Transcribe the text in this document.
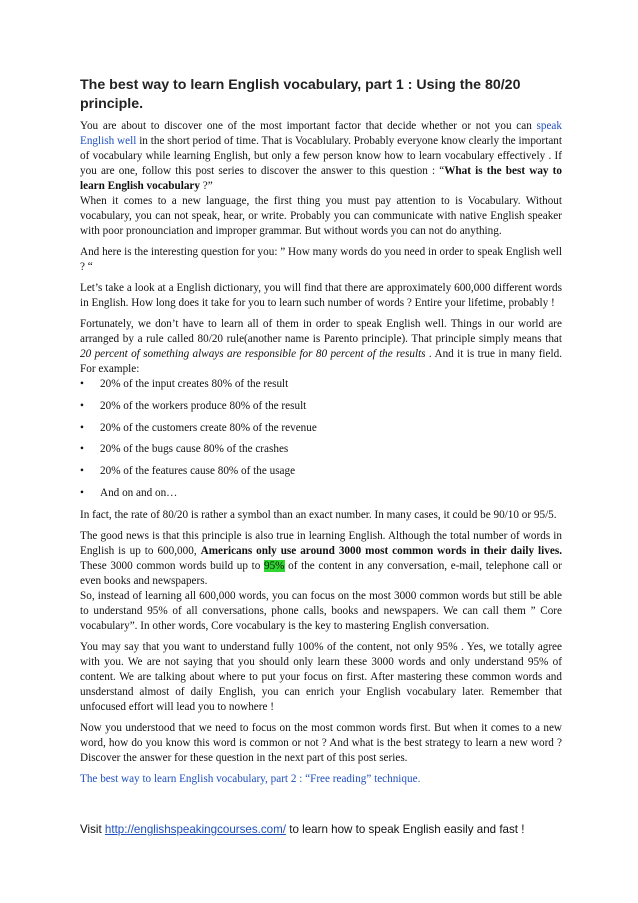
The best way to learn English vocabulary, part 1 : Using the 80/20 principle.

You are about to discover one of the most important factor that decide whether or not you can speak English well in the short period of time. That is Vocablulary. Probably everyone know clearly the important of vocabulary while learning English, but only a few person know how to learn vocabulary effectively . If you are one, follow this post series to discover the answer to this question : “What is the best way to learn English vocabulary ?”

When it comes to a new language, the first thing you must pay attention to is Vocabulary. Without vocabulary, you can not speak, hear, or write. Probably you can communicate with native English speaker with poor pronounciation and improper grammar. But without words you can not do anything.

And here is the interesting question for you: ” How many words do you need in order to speak English well ? “

Let’s take a look at a English dictionary, you will find that there are approximately 600,000 different words in English. How long does it take for you to learn such number of words ? Entire your lifetime, probably !

Fortunately, we don’t have to learn all of them in order to speak English well. Things in our world are arranged by a rule called 80/20 rule(another name is Parento principle). That principle simply means that 20 percent of something always are responsible for 80 percent of the results . And it is true in many field. For example:

•	20% of the input creates 80% of the result
•	20% of the workers produce 80% of the result
•	20% of the customers create 80% of the revenue
•	20% of the bugs cause 80% of the crashes
•	20% of the features cause 80% of the usage
•	And on and on…

In fact, the rate of 80/20 is rather a symbol than an exact number. In many cases, it could be 90/10 or 95/5.

The good news is that this principle is also true in learning English. Although the total number of words in English is up to 600,000, Americans only use around 3000 most common words in their daily lives. These 3000 common words build up to 95% of the content in any conversation, e-mail, telephone call or even books and newspapers.

So, instead of learning all 600,000 words, you can focus on the most 3000 common words but still be able to understand 95% of all conversations, phone calls, books and newspapers. We can call them ” Core vocabulary”. In other words, Core vocabulary is the key to mastering English conversation.

You may say that you want to understand fully 100% of the content, not only 95% . Yes, we totally agree with you. We are not saying that you should only learn these 3000 words and only understand 95% of content. We are talking about where to put your focus on first. After mastering these common words and unsderstand almost of daily English, you can enrich your English vocabulary later. Remember that unfocused effort will lead you to nowhere !

Now you understood that we need to focus on the most common words first. But when it comes to a new word, how do you know this word is common or not ? And what is the best strategy to learn a new word ? Discover the answer for these question in the next part of this post series.

The best way to learn English vocabulary, part 2 : “Free reading” technique.

Visit http://englishspeakingcourses.com/ to learn how to speak English easily and fast !
